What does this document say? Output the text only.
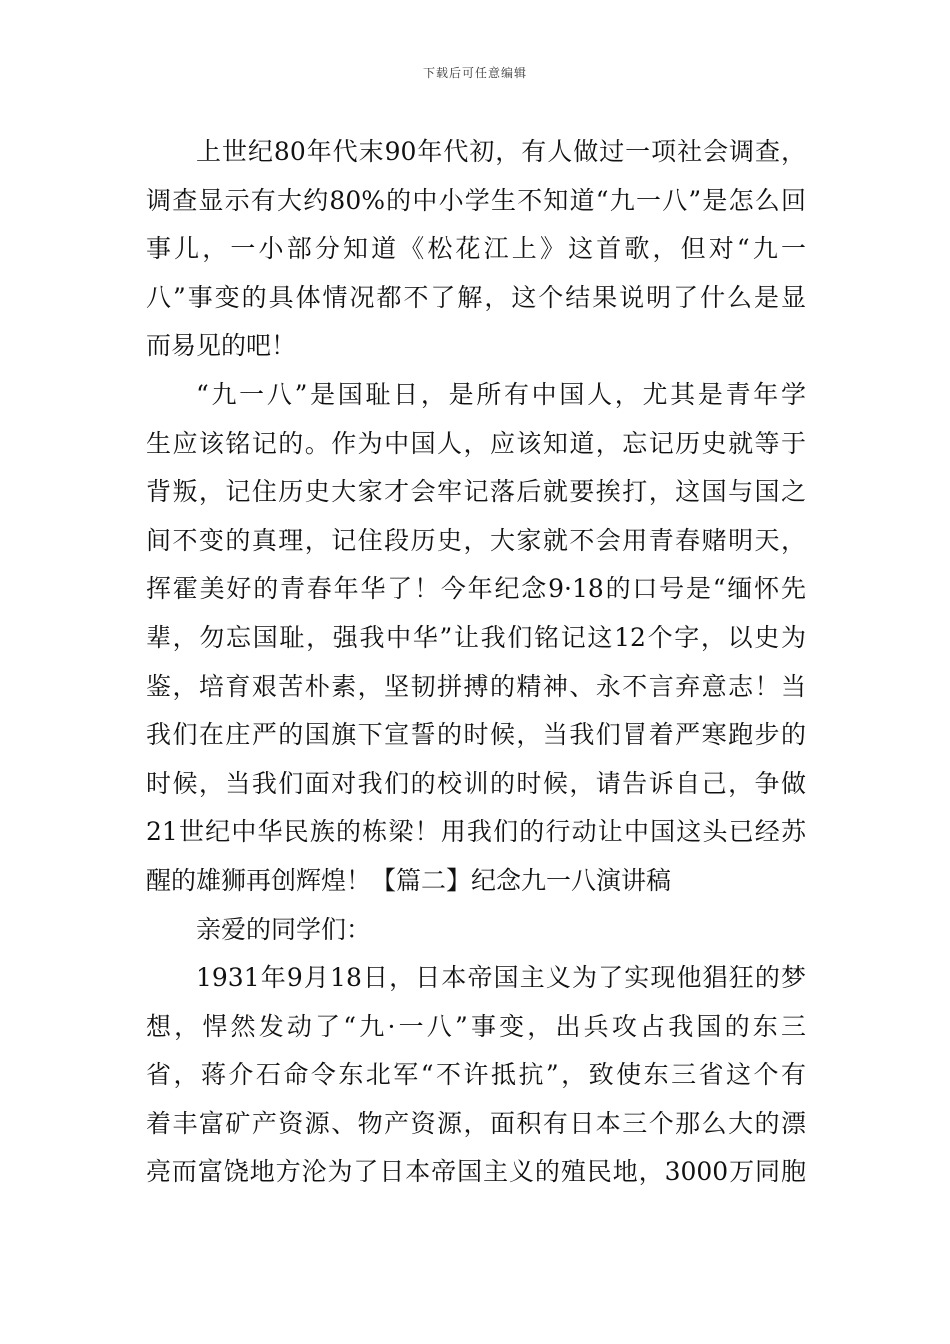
下载后可任意编辑
上世纪80年代末90年代初，有人做过一项社会调查，
调查显示有大约80%的中小学生不知道“九一八”是怎么回
事儿，一小部分知道《松花江上》这首歌，但对“九一
八”事变的具体情况都不了解，这个结果说明了什么是显
而易见的吧！
“九一八”是国耻日，是所有中国人，尤其是青年学
生应该铭记的。作为中国人，应该知道，忘记历史就等于
背叛，记住历史大家才会牢记落后就要挨打，这国与国之
间不变的真理，记住段历史，大家就不会用青春赌明天，
挥霍美好的青春年华了！今年纪念9·18的口号是“缅怀先
辈，勿忘国耻，强我中华”让我们铭记这12个字，以史为
鉴，培育艰苦朴素，坚韧拼搏的精神、永不言弃意志！当
我们在庄严的国旗下宣誓的时候，当我们冒着严寒跑步的
时候，当我们面对我们的校训的时候，请告诉自己，争做
21世纪中华民族的栋梁！用我们的行动让中国这头已经苏
醒的雄狮再创辉煌！【篇二】纪念九一八演讲稿
亲爱的同学们：
1931年9月18日，日本帝国主义为了实现他猖狂的梦
想，悍然发动了“九·一八”事变，出兵攻占我国的东三
省，蒋介石命令东北军“不许抵抗”，致使东三省这个有
着丰富矿产资源、物产资源，面积有日本三个那么大的漂
亮而富饶地方沦为了日本帝国主义的殖民地，3000万同胞
